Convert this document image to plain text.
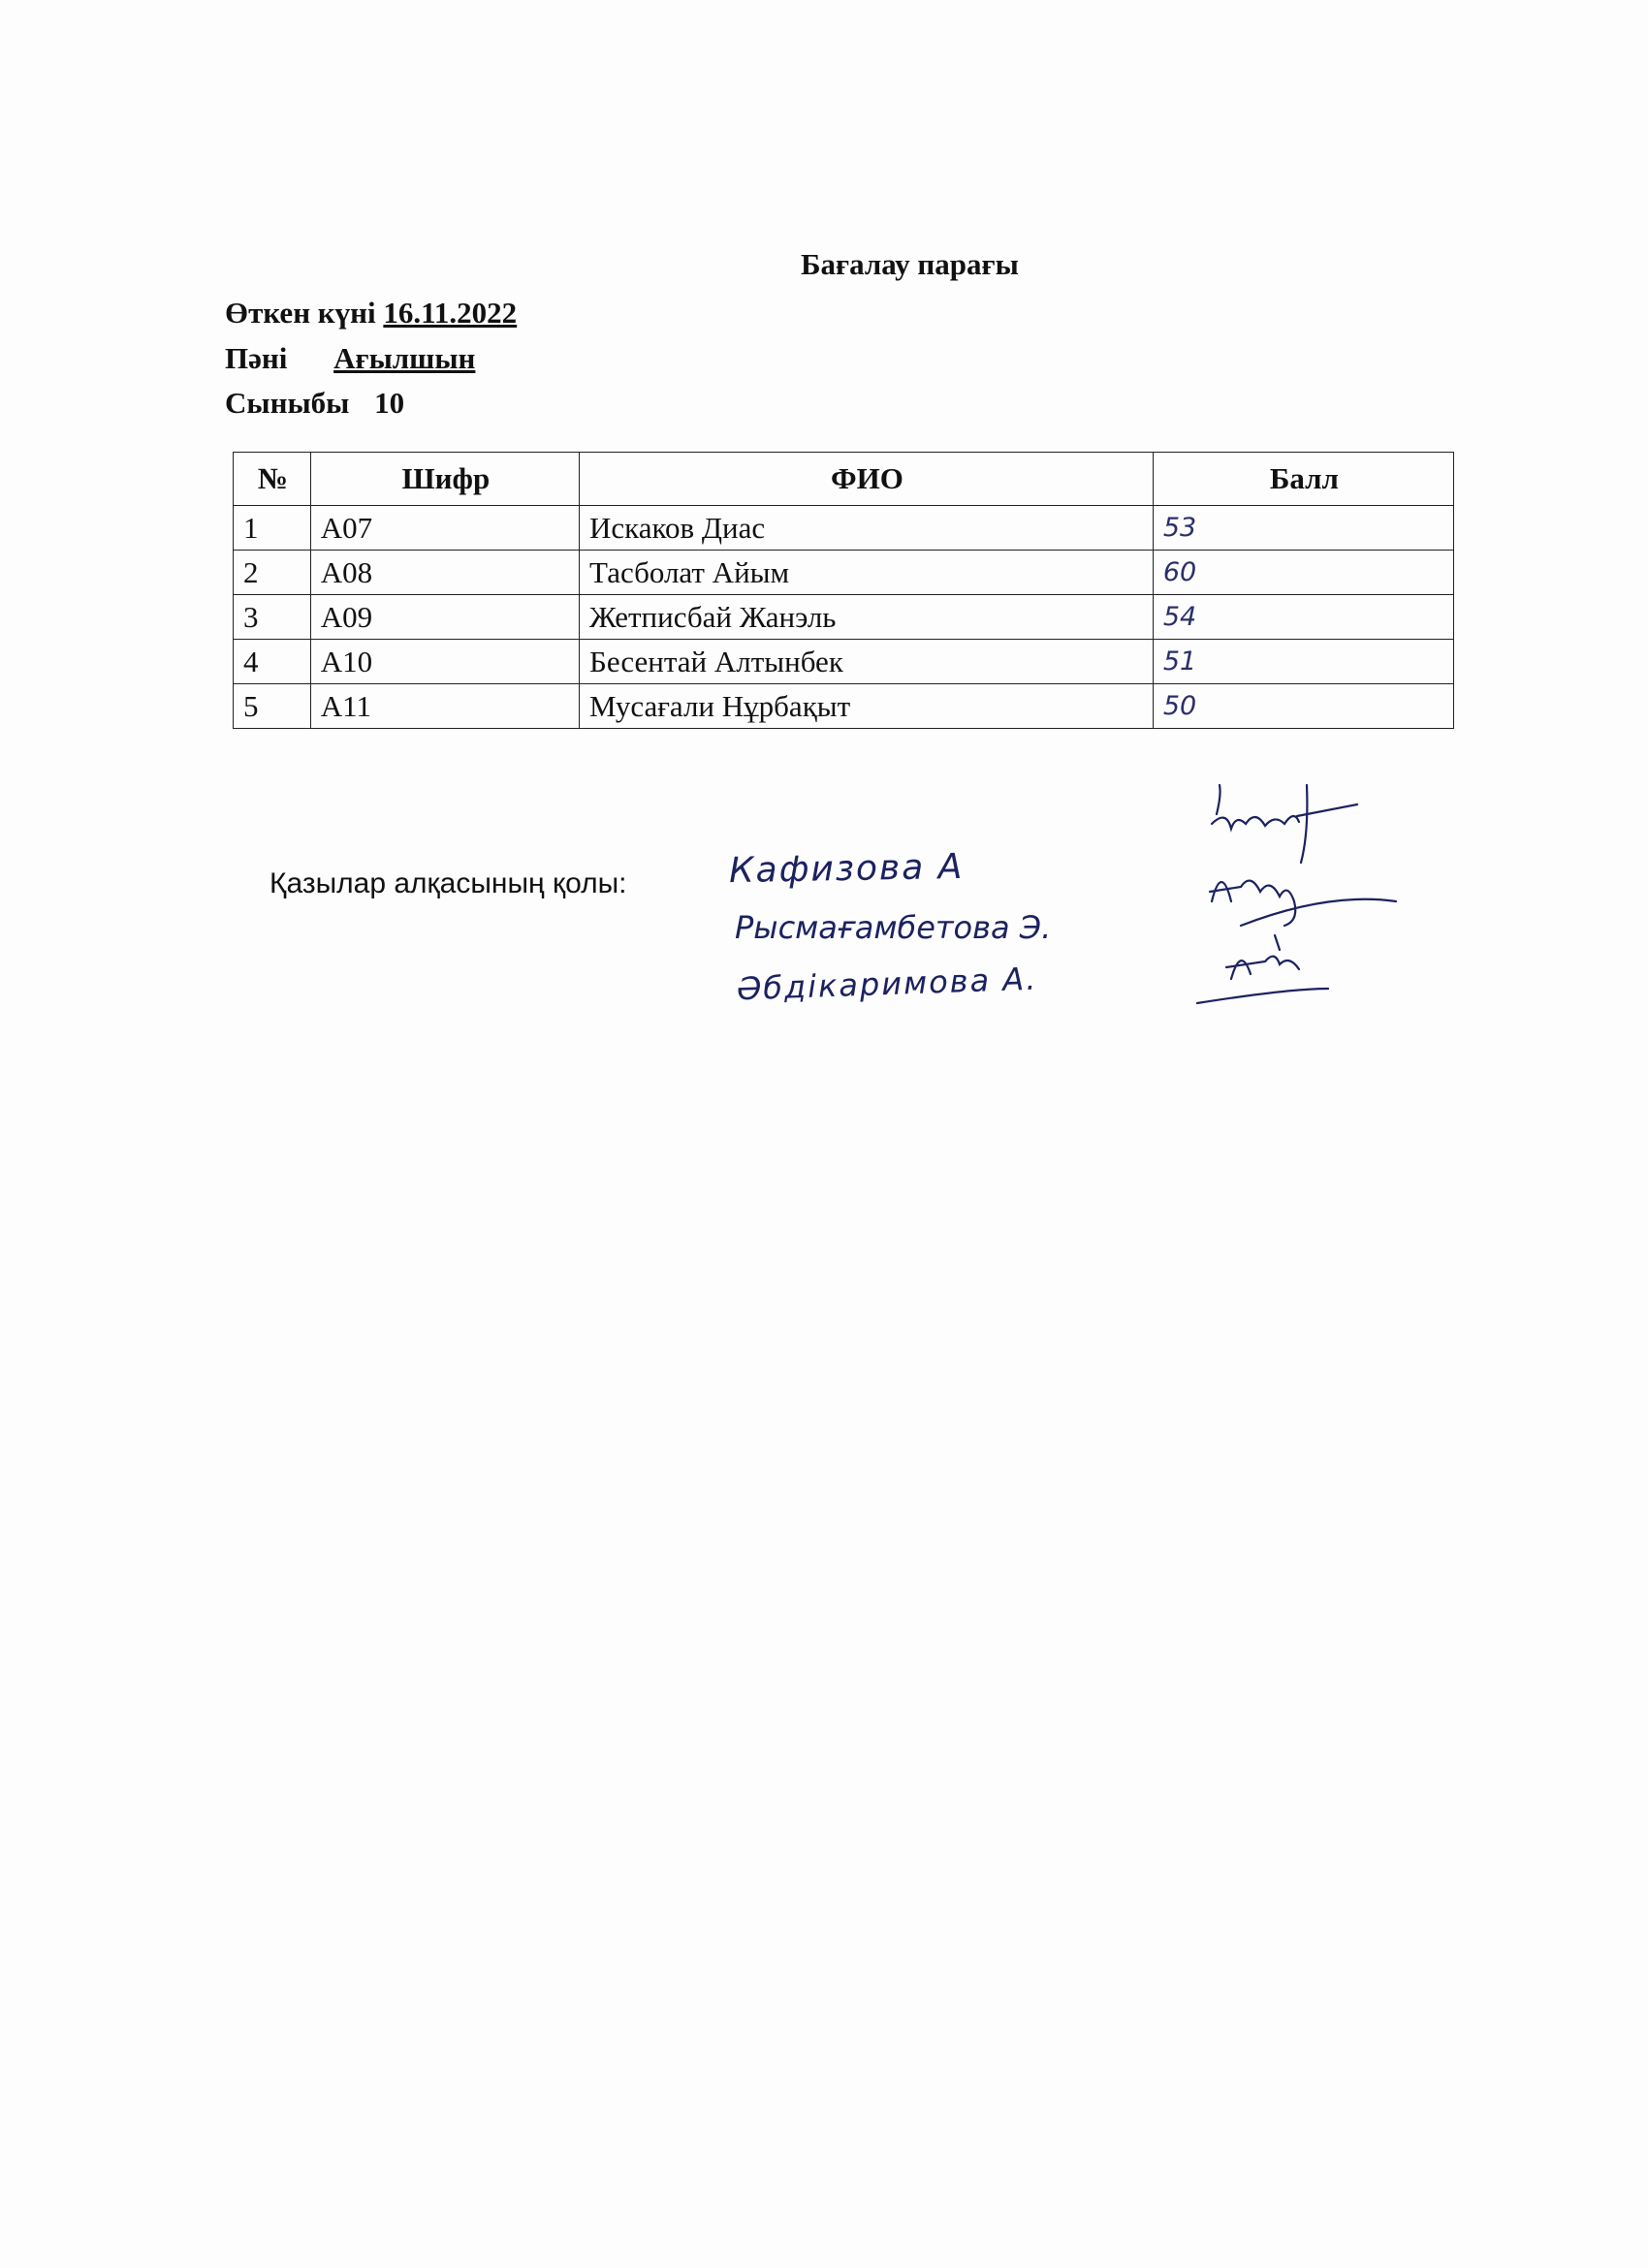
Бағалау парағы
Өткен күні 16.11.2022
Пәні Ағылшын
Сыныбы 10
№	Шифр	ФИО	Балл
1	A07	Искаков Диас	53
2	A08	Тасболат Айым	60
3	A09	Жетписбай Жанэль	54
4	A10	Бесентай Алтынбек	51
5	A11	Мусағали Нұрбақыт	50
Қазылар алқасының қолы:	Кафизова А
Рысмағамбетова Э.
Әбдікаримова А.
